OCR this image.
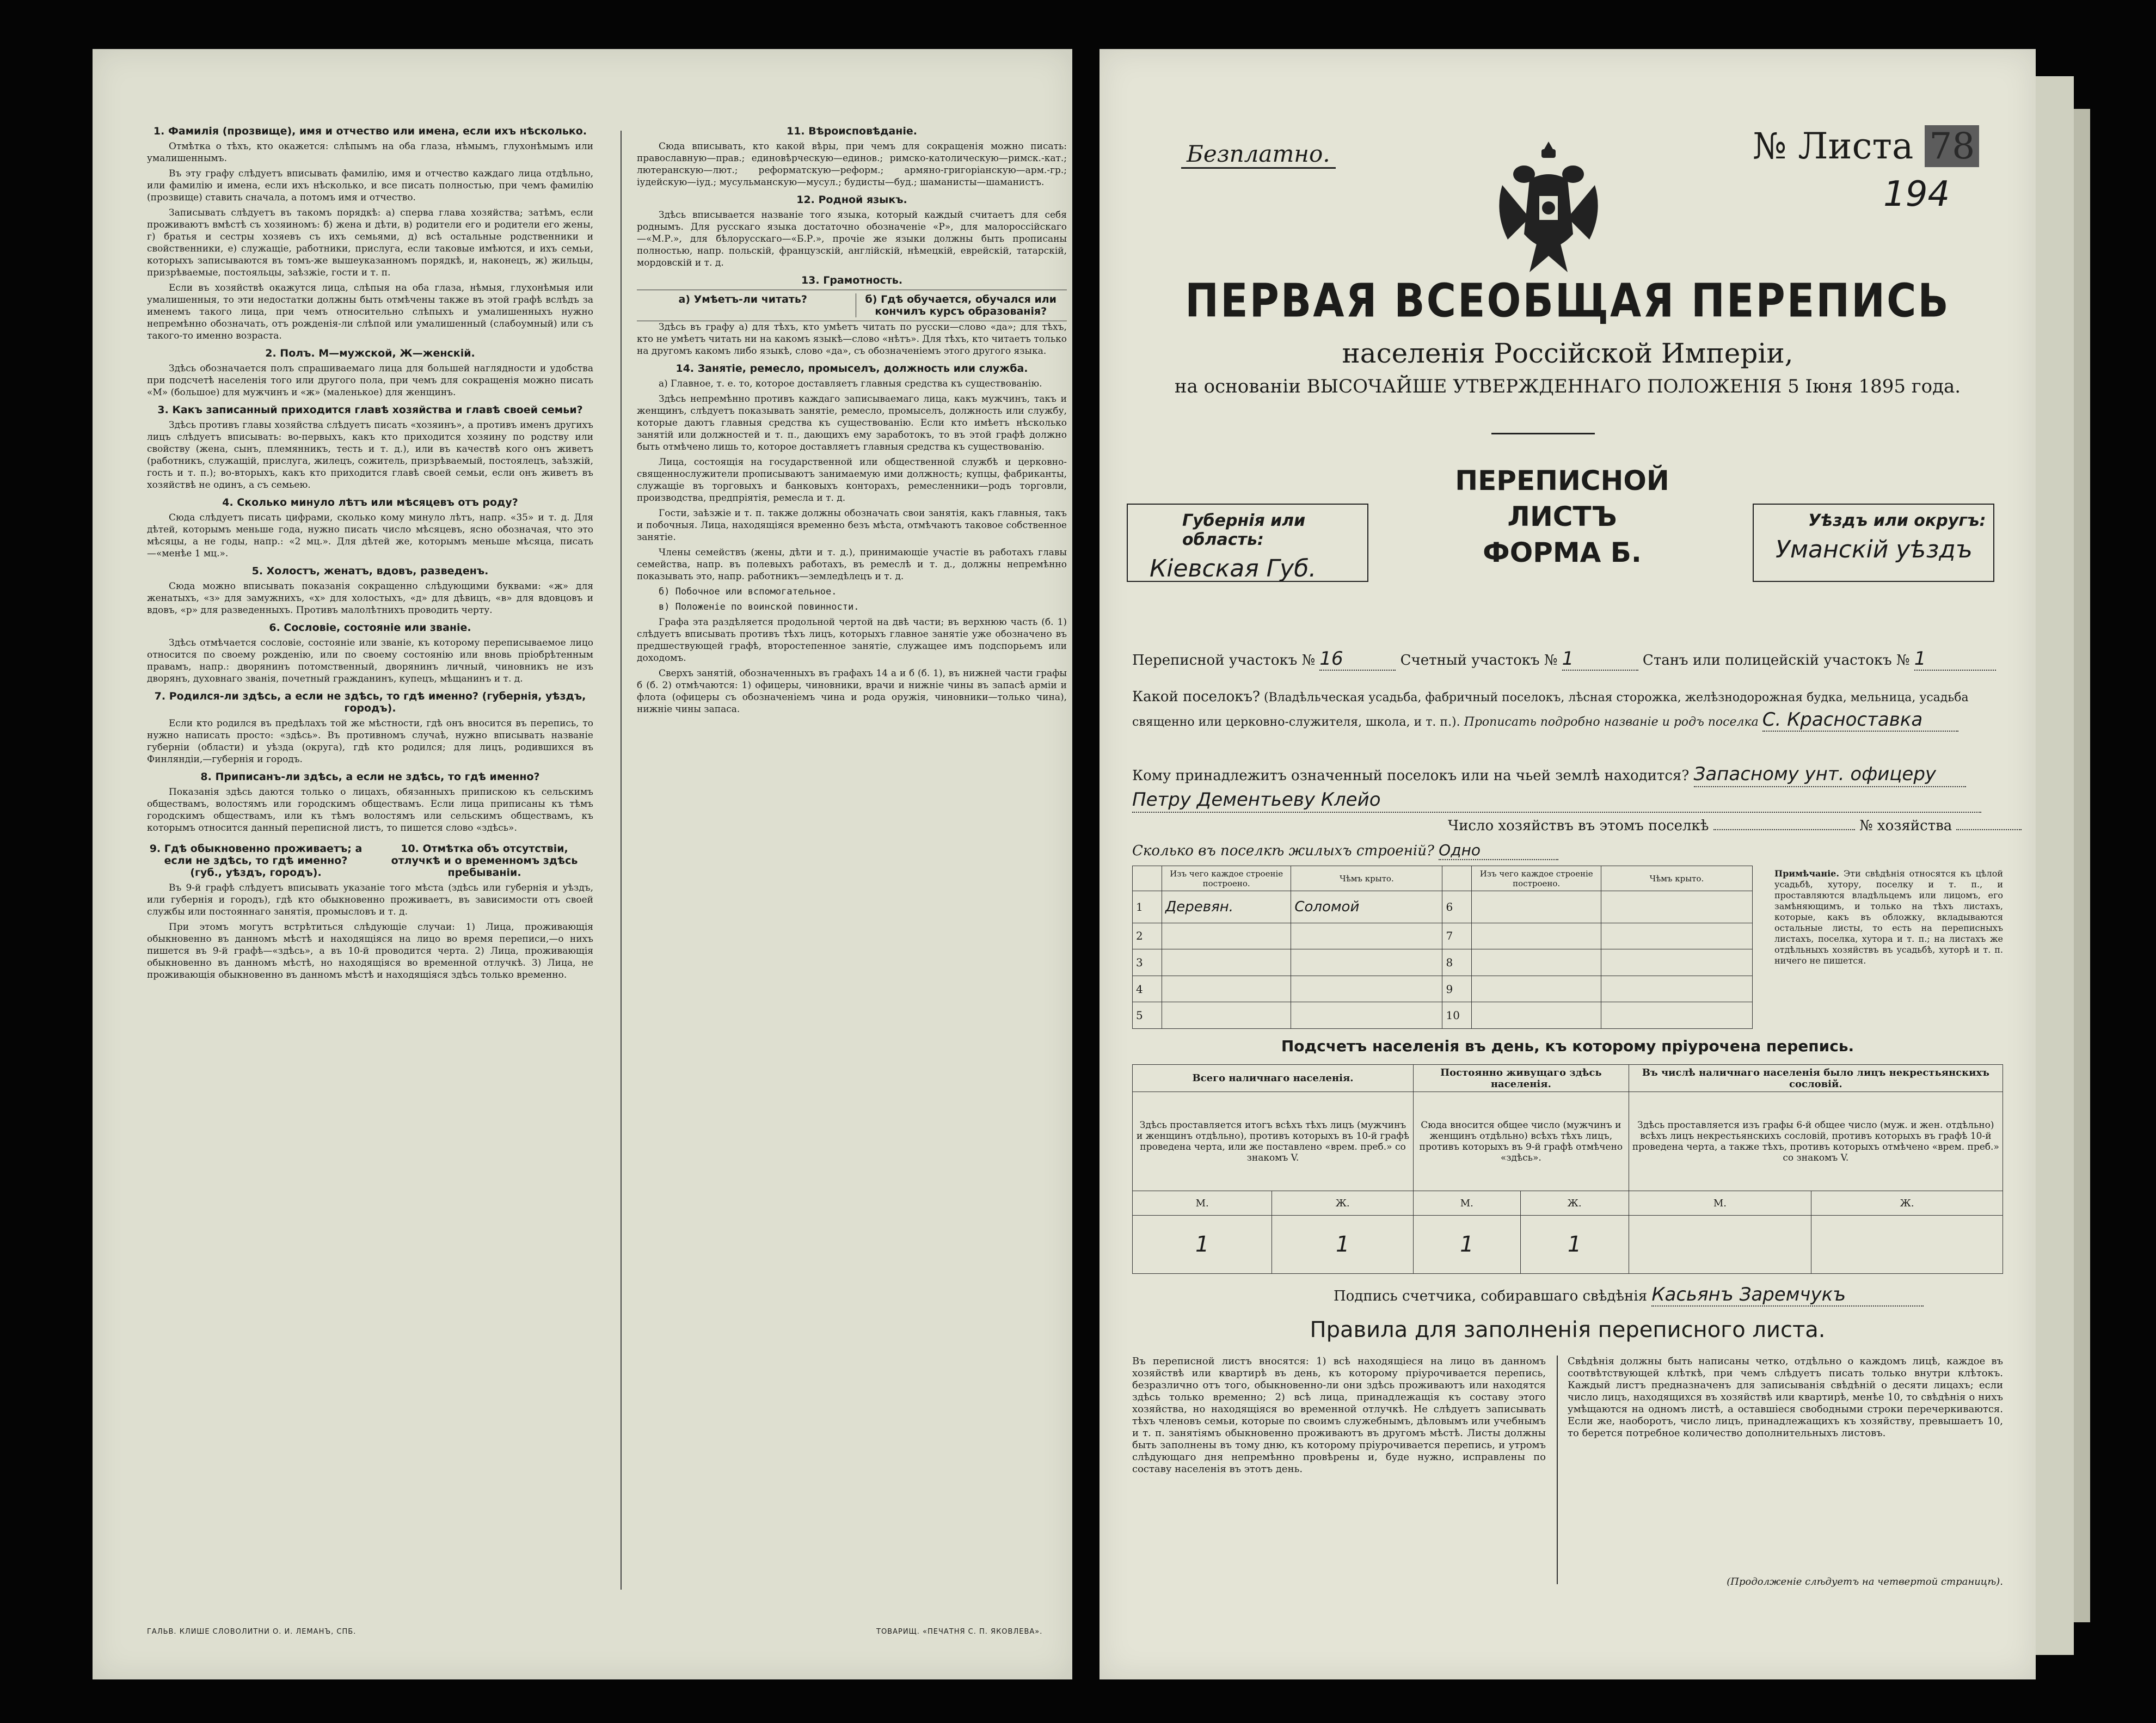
1. Фамилія (прозвище), имя и отчество или имена, если ихъ нѣсколько.
Отмѣтка о тѣхъ, кто окажется: слѣпымъ на оба глаза, нѣмымъ, глухонѣмымъ или умалишеннымъ.
Въ эту графу слѣдуетъ вписывать фамилію, имя и отчество каждаго лица отдѣльно, или фамилію и имена, если ихъ нѣсколько, и все писать полностью, при чемъ фамилію (прозвище) ставить сначала, а потомъ имя и отчество.
Записывать слѣдуетъ въ такомъ порядкѣ: а) сперва глава хозяйства; затѣмъ, если проживаютъ вмѣстѣ съ хозяиномъ: б) жена и дѣти, в) родители его и родители его жены, г) братья и сестры хозяевъ съ ихъ семьями, д) всѣ остальные родственники и свойственники, е) служащіе, работники, прислуга, если таковые имѣются, и ихъ семьи, которыхъ записываются въ томъ-же вышеуказанномъ порядкѣ, и, наконецъ, ж) жильцы, призрѣваемые, постояльцы, заѣзжіе, гости и т. п.
Если въ хозяйствѣ окажутся лица, слѣпыя на оба глаза, нѣмыя, глухонѣмыя или умалишенныя, то эти недостатки должны быть отмѣчены также въ этой графѣ вслѣдъ за именемъ такого лица, при чемъ относительно слѣпыхъ и умалишенныхъ нужно непремѣнно обозначать, отъ рожденія-ли слѣпой или умалишенный (слабоумный) или съ такого-то именно возраста.
2. Полъ. М—мужской, Ж—женскій.
Здѣсь обозначается полъ спрашиваемаго лица для большей наглядности и удобства при подсчетѣ населенія того или другого пола, при чемъ для сокращенія можно писать «М» (большое) для мужчинъ и «ж» (маленькое) для женщинъ.
3. Какъ записанный приходится главѣ хозяйства и главѣ своей семьи?
Здѣсь противъ главы хозяйства слѣдуетъ писать «хозяинъ», а противъ именъ другихъ лицъ слѣдуетъ вписывать: во-первыхъ, какъ кто приходится хозяину по родству или свойству (жена, сынъ, племянникъ, тесть и т. д.), или въ качествѣ кого онъ живетъ (работникъ, служащій, прислуга, жилецъ, сожитель, призрѣваемый, постоялецъ, заѣзжій, гость и т. п.); во-вторыхъ, какъ кто приходится главѣ своей семьи, если онъ живетъ въ хозяйствѣ не одинъ, а съ семьею.
4. Сколько минуло лѣтъ или мѣсяцевъ отъ роду?
Сюда слѣдуетъ писать цифрами, сколько кому минуло лѣтъ, напр. «35» и т. д. Для дѣтей, которымъ меньше года, нужно писать число мѣсяцевъ, ясно обозначая, что это мѣсяцы, а не годы, напр.: «2 мц.». Для дѣтей же, которымъ меньше мѣсяца, писать—«менѣе 1 мц.».
5. Холостъ, женатъ, вдовъ, разведенъ.
Сюда можно вписывать показанія сокращенно слѣдующими буквами: «ж» для женатыхъ, «з» для замужнихъ, «х» для холостыхъ, «д» для дѣвицъ, «в» для вдовцовъ и вдовъ, «р» для разведенныхъ. Противъ малолѣтнихъ проводить черту.
6. Сословіе, состояніе или званіе.
Здѣсь отмѣчается сословіе, состояніе или званіе, къ которому переписываемое лицо относится по своему рожденію, или по своему состоянію или вновь пріобрѣтенным правамъ, напр.: дворянинъ потомственный, дворянинъ личный, чиновникъ не изъ дворянъ, духовнаго званія, почетный гражданинъ, купецъ, мѣщанинъ и т. д.
7. Родился-ли здѣсь, а если не здѣсь, то гдѣ именно? (губернія, уѣздъ, городъ).
Если кто родился въ предѣлахъ той же мѣстности, гдѣ онъ вносится въ перепись, то нужно написать просто: «здѣсь». Въ противномъ случаѣ, нужно вписывать названіе губерніи (области) и уѣзда (округа), гдѣ кто родился; для лицъ, родившихся въ Финляндіи,—губернія и городъ.
8. Приписанъ-ли здѣсь, а если не здѣсь, то гдѣ именно?
Показанія здѣсь даются только о лицахъ, обязанныхъ припискою къ сельскимъ обществамъ, волостямъ или городскимъ обществамъ. Если лица приписаны къ тѣмъ городскимъ обществамъ, или къ тѣмъ волостямъ или сельскимъ обществамъ, къ которымъ относится данный переписной листъ, то пишется слово «здѣсь».
9. Гдѣ обыкновенно проживаетъ; а если не здѣсь, то гдѣ именно? (губ., уѣздъ, городъ).
10. Отмѣтка объ отсутствіи, отлучкѣ и о временномъ здѣсь пребываніи.
Въ 9-й графѣ слѣдуетъ вписывать указаніе того мѣста (здѣсь или губернія и уѣздъ, или губернія и городъ), гдѣ кто обыкновенно проживаетъ, въ зависимости отъ своей службы или постояннаго занятія, промысловъ и т. д.
При этомъ могутъ встрѣтиться слѣдующіе случаи: 1) Лица, проживающія обыкновенно въ данномъ мѣстѣ и находящіяся на лицо во время переписи,—о нихъ пишется въ 9-й графѣ—«здѣсь», а въ 10-й проводится черта. 2) Лица, проживающія обыкновенно въ данномъ мѣстѣ, но находящіяся во временной отлучкѣ. 3) Лица, не проживающія обыкновенно въ данномъ мѣстѣ и находящіяся здѣсь только временно.
11. Вѣроисповѣданіе.
Сюда вписывать, кто какой вѣры, при чемъ для сокращенія можно писать: православную—прав.; единовѣрческую—единов.; римско-католическую—римск.-кат.; лютеранскую—лют.; реформатскую—реформ.; армяно-григоріанскую—арм.-гр.; іудейскую—iуд.; мусульманскую—мусул.; будисты—буд.; шаманисты—шаманистъ.
12. Родной языкъ.
Здѣсь вписывается названіе того языка, который каждый считаетъ для себя роднымъ. Для русскаго языка достаточно обозначеніе «Р», для малороссійскаго—«М.Р.», для бѣлорусскаго—«Б.Р.», прочіе же языки должны быть прописаны полностью, напр. польскій, французскій, англійскій, нѣмецкій, еврейскій, татарскій, мордовскій и т. д.
13. Грамотность.
а) Умѣетъ-ли читать?	б) Гдѣ обучается, обучался или кончилъ курсъ образованія?
Здѣсь въ графу а) для тѣхъ, кто умѣетъ читать по русски—слово «да»; для тѣхъ, кто не умѣетъ читать ни на какомъ языкѣ—слово «нѣтъ». Для тѣхъ, кто читаетъ только на другомъ какомъ либо языкѣ, слово «да», съ обозначеніемъ этого другого языка.
14. Занятіе, ремесло, промыселъ, должность или служба.
а) Главное, т. е. то, которое доставляетъ главныя средства къ существованію.
Здѣсь непремѣнно противъ каждаго записываемаго лица, какъ мужчинъ, такъ и женщинъ, слѣдуетъ показывать занятіе, ремесло, промыселъ, должность или службу, которые даютъ главныя средства къ существованію. Если кто имѣетъ нѣсколько занятій или должностей и т. п., дающихъ ему заработокъ, то въ этой графѣ должно быть отмѣчено лишь то, которое доставляетъ главныя средства къ существованію.
Лица, состоящія на государственной или общественной службѣ и церковно-священнослужители прописываютъ занимаемую ими должность; купцы, фабриканты, служащіе въ торговыхъ и банковыхъ конторахъ, ремесленники—родъ торговли, производства, предпріятія, ремесла и т. д.
Гости, заѣзжіе и т. п. также должны обозначать свои занятія, какъ главныя, такъ и побочныя. Лица, находящіяся временно безъ мѣста, отмѣчаютъ таковое собственное занятіе.
Члены семействъ (жены, дѣти и т. д.), принимающіе участіе въ работахъ главы семейства, напр. въ полевыхъ работахъ, въ ремеслѣ и т. д., должны непремѣнно показывать это, напр. работникъ—земледѣлецъ и т. д.
б) Побочное или вспомогательное.
в) Положеніе по воинской повинности.
Графа эта раздѣляется продольной чертой на двѣ части; въ верхнюю часть (б. 1) слѣдуетъ вписывать противъ тѣхъ лицъ, которыхъ главное занятіе уже обозначено въ предшествующей графѣ, второстепенное занятіе, служащее имъ подспорьемъ или доходомъ.
Сверхъ занятій, обозначенныхъ въ графахъ 14 а и б (б. 1), въ нижней части графы б (б. 2) отмѣчаются: 1) офицеры, чиновники, врачи и нижніе чины въ запасѣ арміи и флота (офицеры съ обозначеніемъ чина и рода оружія, чиновники—только чина), нижніе чины запаса.
ГАЛЬВ. КЛИШЕ СЛОВОЛИТНИ О. И. ЛЕМАНЪ, СПБ.	ТОВАРИЩ. «ПЕЧАТНЯ С. П. ЯКОВЛЕВА».
Безплатно.	№ Листа 78
194
ПЕРВАЯ ВСЕОБЩАЯ ПЕРЕПИСЬ
населенія Россійской Имперіи,
на основаніи ВЫСОЧАЙШЕ УТВЕРЖДЕННАГО ПОЛОЖЕНІЯ 5 Іюня 1895 года.
Губернія или область:
Кіевская Губ.
ПЕРЕПИСНОЙ ЛИСТЪ
ФОРМА Б.
Уѣздъ или округъ:
Уманскій уѣздъ
Переписной участокъ № 16	Счетный участокъ № 1	Станъ или полицейскій участокъ № 1
Какой поселокъ? (Владѣльческая усадьба, фабричный поселокъ, лѣсная сторожка, желѣзнодорожная будка, мельница, усадьба священно или церковно-служителя, школа, и т. п.). Прописать подробно названіе и родъ поселка С. Красноставка
Кому принадлежитъ означенный поселокъ или на чьей землѣ находится? Запасному унт. офицеру
Петру Дементьеву Клейо
Число хозяйствъ въ этомъ поселкѣ	№ хозяйства
Сколько въ поселкѣ жилыхъ строеній? Одно
	Изъ чего каждое строеніе построено.	Чѣмъ крыто.		Изъ чего каждое строеніе построено.	Чѣмъ крыто.
1	Деревян.	Соломой	6		
2			7		
3			8		
4			9		
5			10		
Примѣчаніе. Эти свѣдѣнія относятся къ цѣлой усадьбѣ, хутору, поселку и т. п., и проставляются владѣльцемъ или лицомъ, его замѣняющимъ, и только на тѣхъ листахъ, которые, какъ въ обложку, вкладываются остальные листы, то есть на переписныхъ листахъ, поселка, хутора и т. п.; на листахъ же отдѣльныхъ хозяйствъ въ усадьбѣ, хуторѣ и т. п. ничего не пишется.
Подсчетъ населенія въ день, къ которому пріурочена перепись.
Всего наличнаго населенія.		Постоянно живущаго здѣсь населенія.		Въ числѣ наличнаго населенія было лицъ некрестьянскихъ сословій.	
Здѣсь проставляется итогъ всѣхъ тѣхъ лицъ (мужчинъ и женщинъ отдѣльно), противъ которыхъ въ 10-й графѣ проведена черта, или же поставлено «врем. преб.» со знакомъ V.		Сюда вносится общее число (мужчинъ и женщинъ отдѣльно) всѣхъ тѣхъ лицъ, противъ которыхъ въ 9-й графѣ отмѣчено «здѣсь».		Здѣсь проставляется изъ графы 6-й общее число (муж. и жен. отдѣльно) всѣхъ лицъ некрестьянскихъ сословій, противъ которыхъ въ графѣ 10-й проведена черта, а также тѣхъ, противъ которыхъ отмѣчено «врем. преб.» со знакомъ V.	
М.	Ж.	М.	Ж.	М.	Ж.
1	1	1	1		
Подпись счетчика, собиравшаго свѣдѣнія Касьянъ Заремчукъ
Правила для заполненія переписного листа.
Въ переписной листъ вносятся: 1) всѣ находящіеся на лицо въ данномъ хозяйствѣ или квартирѣ въ день, къ которому пріурочивается перепись, безразлично отъ того, обыкновенно-ли они здѣсь проживаютъ или находятся здѣсь только временно; 2) всѣ лица, принадлежащія къ составу этого хозяйства, но находящіяся во временной отлучкѣ. Не слѣдуетъ записывать тѣхъ членовъ семьи, которые по своимъ служебнымъ, дѣловымъ или учебнымъ и т. п. занятіямъ обыкновенно проживаютъ въ другомъ мѣстѣ. Листы должны быть заполнены въ тому дню, къ которому пріурочивается перепись, и утромъ слѣдующаго дня непремѣнно провѣрены и, буде нужно, исправлены по составу населенія въ этотъ день.
Свѣдѣнія должны быть написаны четко, отдѣльно о каждомъ лицѣ, каждое въ соотвѣтствующей клѣткѣ, при чемъ слѣдуетъ писать только внутри клѣтокъ. Каждый листъ предназначенъ для записыванія свѣдѣній о десяти лицахъ; если число лицъ, находящихся въ хозяйствѣ или квартирѣ, менѣе 10, то свѣдѣнія о нихъ умѣщаются на одномъ листѣ, а оставшіеся свободными строки перечеркиваются. Если же, наоборотъ, число лицъ, принадлежащихъ къ хозяйству, превышаетъ 10, то берется потребное количество дополнительныхъ листовъ.
(Продолженіе слѣдуетъ на четвертой страницѣ).
